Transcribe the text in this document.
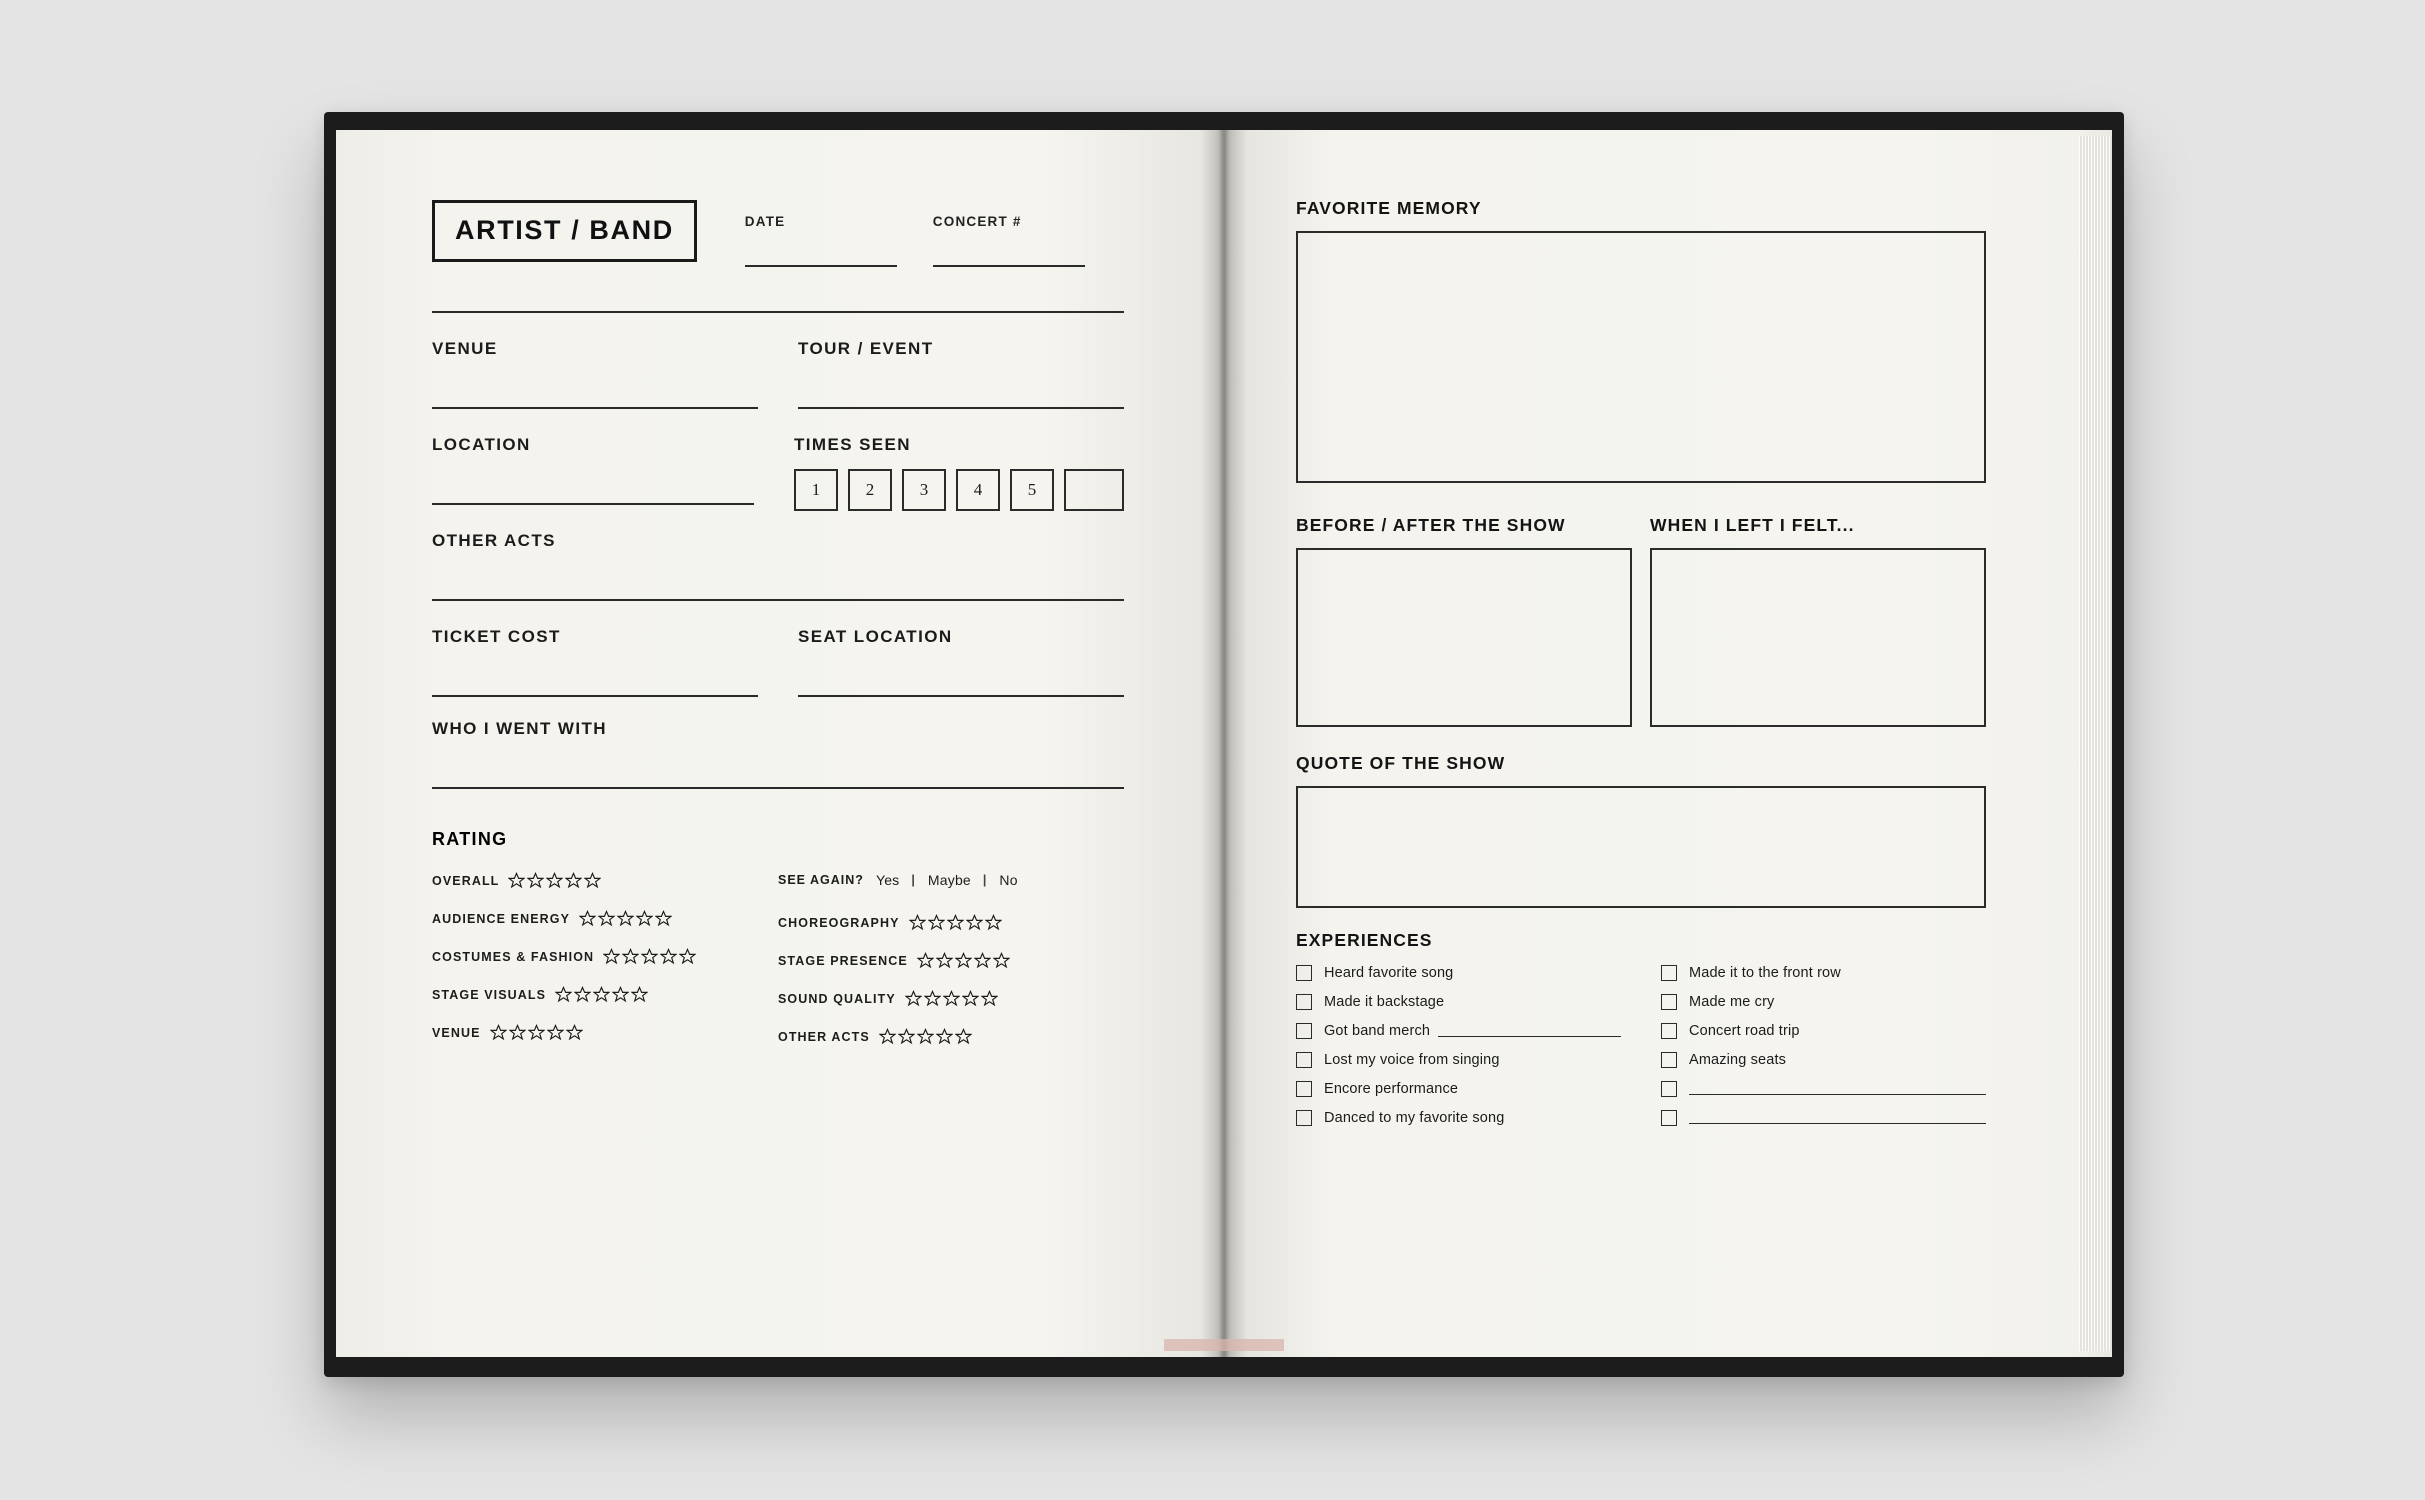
ARTIST / BAND	DATE	CONCERT #
VENUE	TOUR / EVENT
LOCATION	TIMES SEEN
1	2	3	4	5
OTHER ACTS
TICKET COST	SEAT LOCATION
WHO I WENT WITH
RATING
OVERALL
AUDIENCE ENERGY
COSTUMES & FASHION
STAGE VISUALS
VENUE
SEE AGAIN? Yes | Maybe | No
CHOREOGRAPHY
STAGE PRESENCE
SOUND QUALITY
OTHER ACTS
FAVORITE MEMORY
BEFORE / AFTER THE SHOW	WHEN I LEFT I FELT...
QUOTE OF THE SHOW
EXPERIENCES
Heard favorite song
Made it backstage
Got band merch
Lost my voice from singing
Encore performance
Danced to my favorite song
Made it to the front row
Made me cry
Concert road trip
Amazing seats
